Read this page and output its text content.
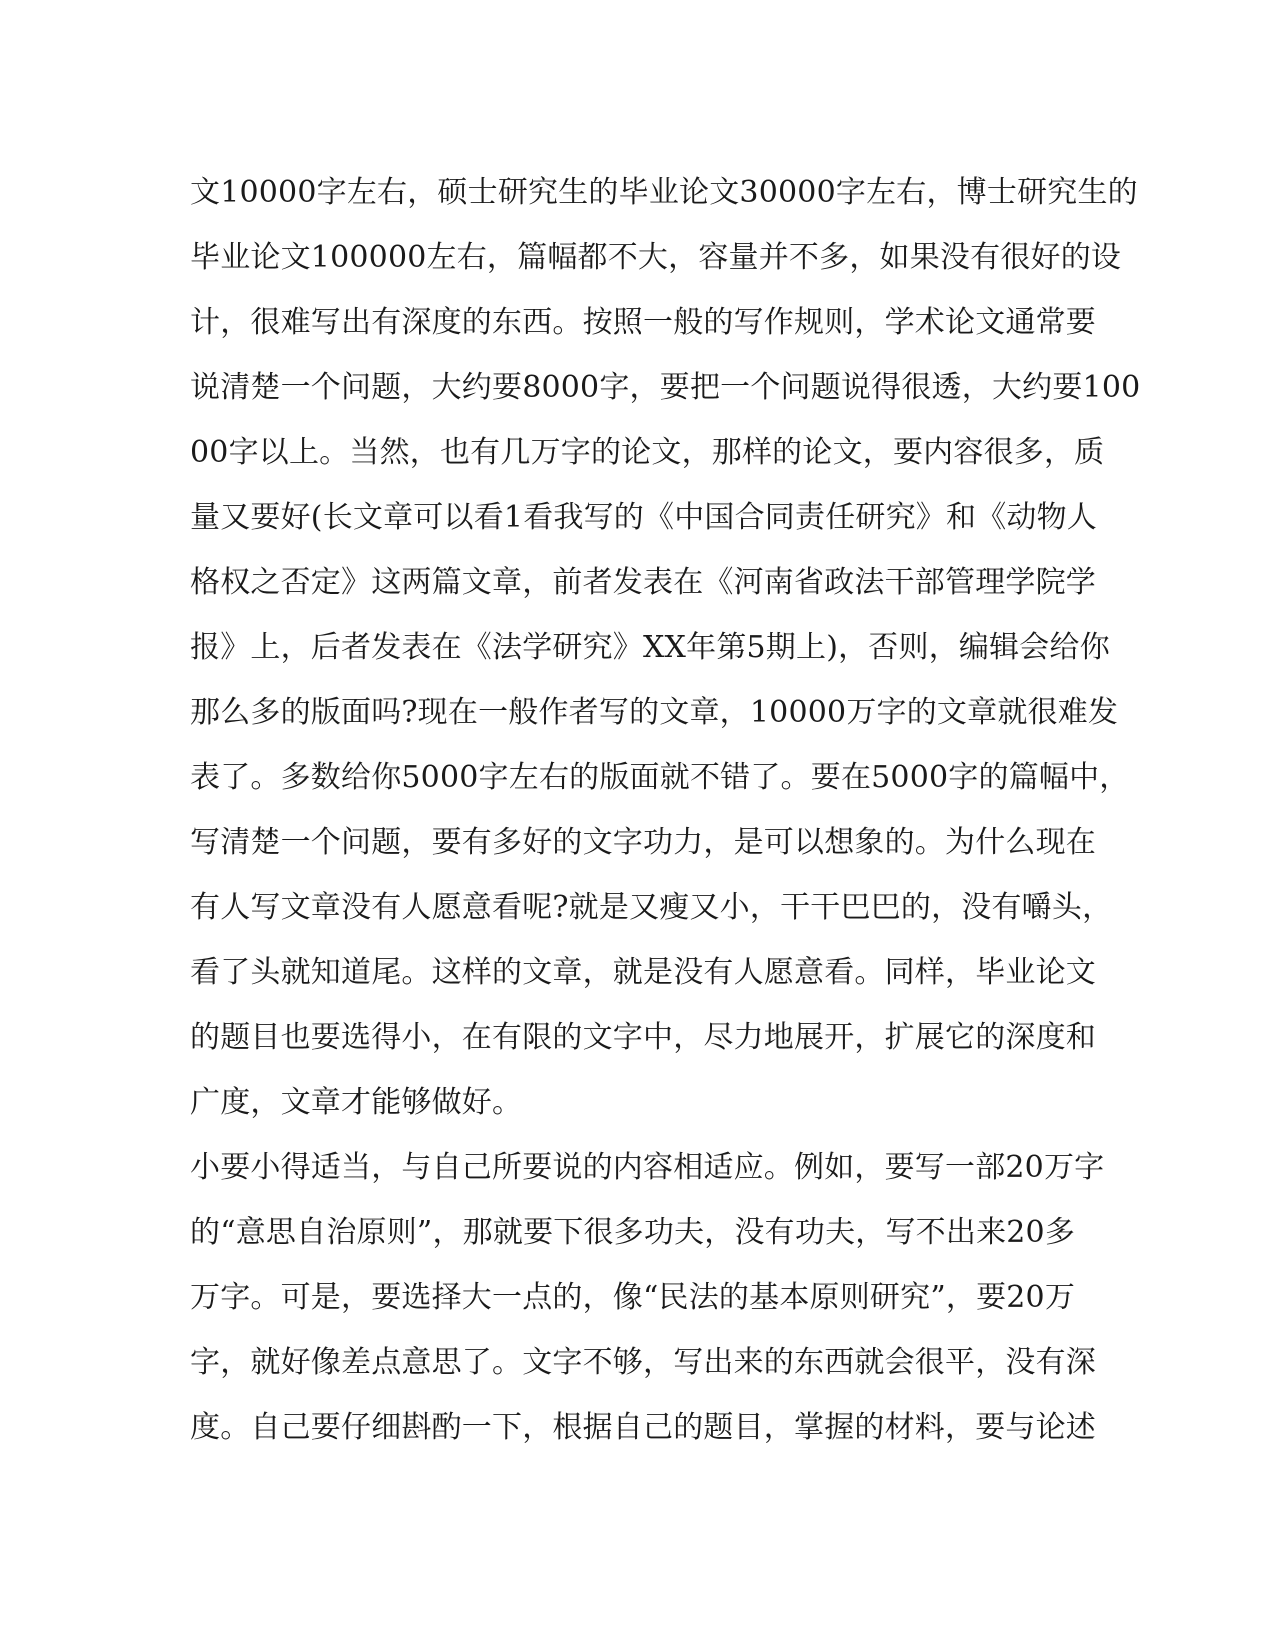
文10000字左右，硕士研究生的毕业论文30000字左右，博士研究生的
毕业论文100000左右，篇幅都不大，容量并不多，如果没有很好的设
计，很难写出有深度的东西。按照一般的写作规则，学术论文通常要
说清楚一个问题，大约要8000字，要把一个问题说得很透，大约要100
00字以上。当然，也有几万字的论文，那样的论文，要内容很多，质
量又要好(长文章可以看1看我写的《中国合同责任研究》和《动物人
格权之否定》这两篇文章，前者发表在《河南省政法干部管理学院学
报》上，后者发表在《法学研究》XX年第5期上)，否则，编辑会给你
那么多的版面吗?现在一般作者写的文章，10000万字的文章就很难发
表了。多数给你5000字左右的版面就不错了。要在5000字的篇幅中，
写清楚一个问题，要有多好的文字功力，是可以想象的。为什么现在
有人写文章没有人愿意看呢?就是又瘦又小，干干巴巴的，没有嚼头，
看了头就知道尾。这样的文章，就是没有人愿意看。同样，毕业论文
的题目也要选得小，在有限的文字中，尽力地展开，扩展它的深度和
广度，文章才能够做好。
小要小得适当，与自己所要说的内容相适应。例如，要写一部20万字
的“意思自治原则”，那就要下很多功夫，没有功夫，写不出来20多
万字。可是，要选择大一点的，像“民法的基本原则研究”，要20万
字，就好像差点意思了。文字不够，写出来的东西就会很平，没有深
度。自己要仔细斟酌一下，根据自己的题目，掌握的材料，要与论述
